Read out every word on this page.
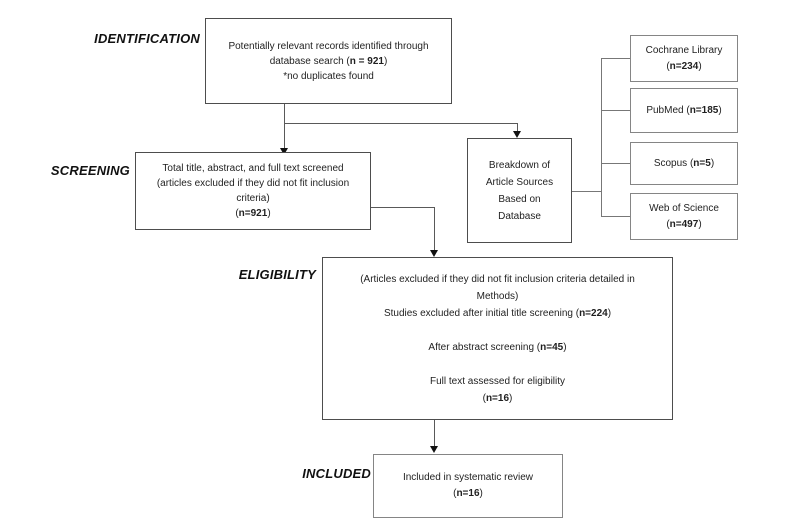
IDENTIFICATION
SCREENING
ELIGIBILITY
INCLUDED
Potentially relevant records identified through
database search (n = 921)
*no duplicates found
Total title, abstract, and full text screened
(articles excluded if they did not fit inclusion
criteria)
(n=921)
Breakdown of
Article Sources
Based on
Database
Cochrane Library
(n=234)
PubMed (n=185)
Scopus (n=5)
Web of Science
(n=497)
(Articles excluded if they did not fit inclusion criteria detailed in
Methods)
Studies excluded after initial title screening (n=224)

After abstract screening (n=45)

Full text assessed for eligibility
(n=16)
Included in systematic review
(n=16)
